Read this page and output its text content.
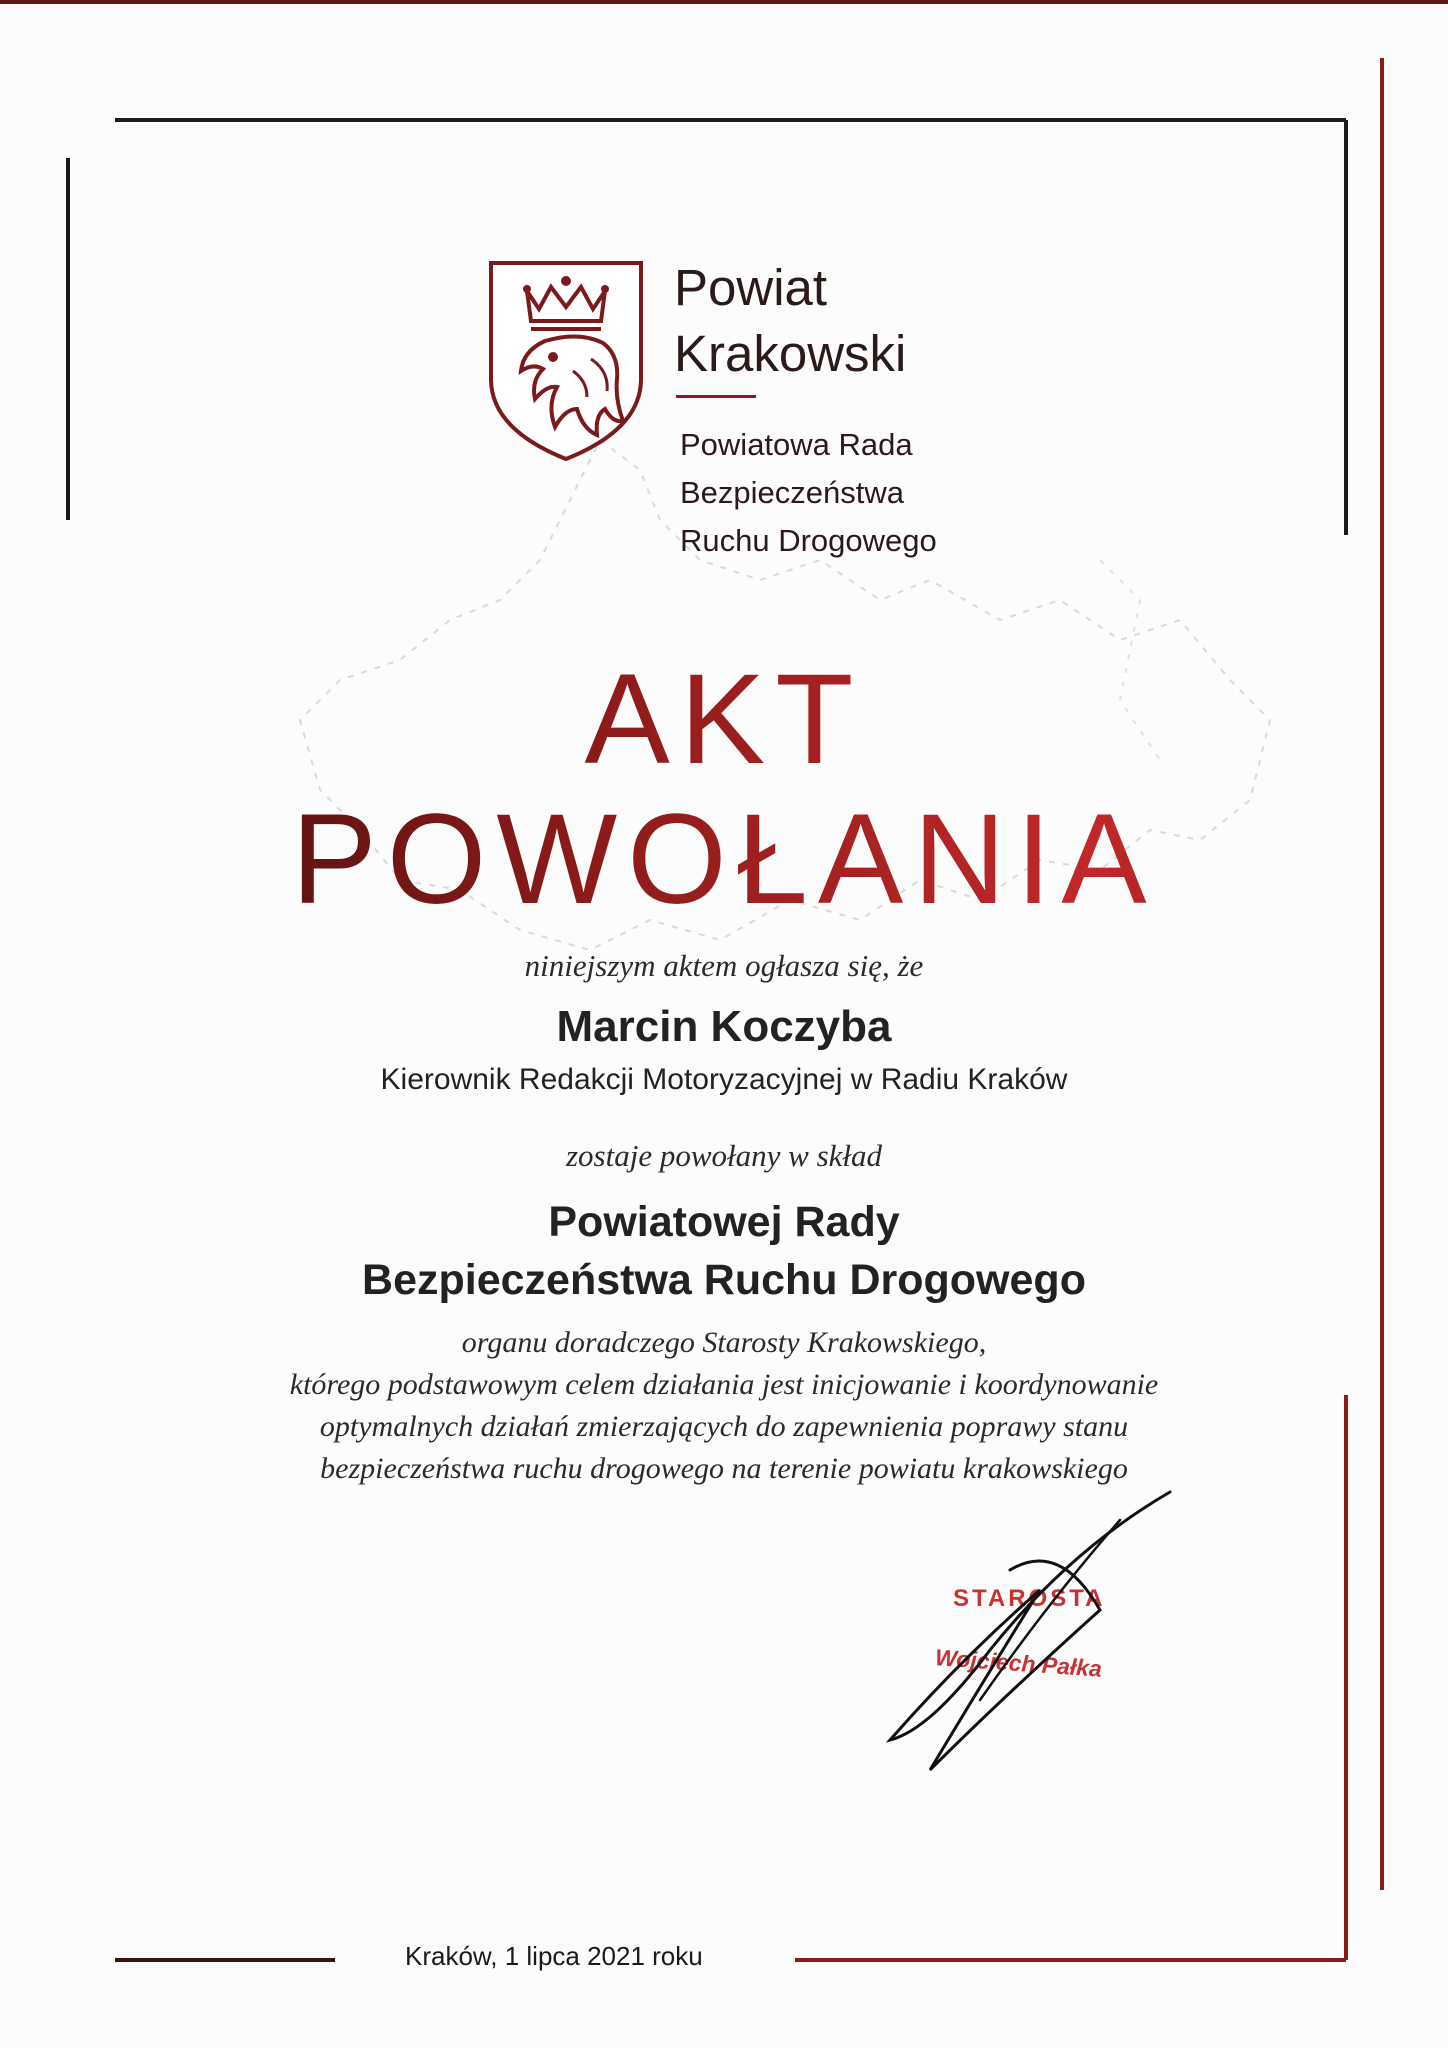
Powiat
Krakowski
Powiatowa Rada
Bezpieczeństwa
Ruchu Drogowego
AKT
POWOŁANIA
niniejszym aktem ogłasza się, że
Marcin Koczyba
Kierownik Redakcji Motoryzacyjnej w Radiu Kraków
zostaje powołany w skład
Powiatowej Rady
Bezpieczeństwa Ruchu Drogowego
organu doradczego Starosty Krakowskiego,
którego podstawowym celem działania jest inicjowanie i koordynowanie
optymalnych działań zmierzających do zapewnienia poprawy stanu
bezpieczeństwa ruchu drogowego na terenie powiatu krakowskiego
STAROSTA
Wojciech Pałka
Kraków, 1 lipca 2021 roku
